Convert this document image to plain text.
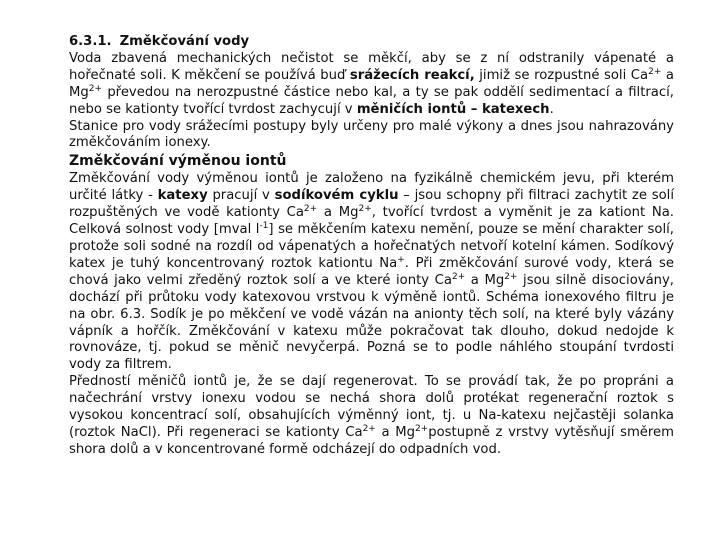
6.3.1. Změkčování vody

Voda zbavená mechanických nečistot se měkčí, aby se z ní odstranily vápenaté a hořečnaté soli. K měkčení se používá buď srážecích reakcí, jimiž se rozpustné soli $Ca^{2+}$ a $Mg^{2+}$ převedou na nerozpustné částice nebo kal, a ty se pak oddělí sedimentací a filtrací, nebo se kationty tvořící tvrdost zachycují v měničích iontů – katexech.

Stanice pro vody srážecími postupy byly určeny pro malé výkony a dnes jsou nahrazovány změkčováním ionexy.

Změkčování výměnou iontů

Změkčování vody výměnou iontů je založeno na fyzikálně chemickém jevu, při kterém určité látky - katexy pracují v sodíkovém cyklu – jsou schopny při filtraci zachytit ze solí rozpuštěných ve vodě kationty $Ca^{2+}$ a $Mg^{2+}$, tvořící tvrdost a vyměnit je za kationt Na. Celková solnost vody [mval $l^{-1}$] se měkčením katexu nemění, pouze se mění charakter solí, protože soli sodné na rozdíl od vápenatých a hořečnatých netvoří kotelní kámen. Sodíkový katex je tuhý koncentrovaný roztok kationtu Na+. Při změkčování surové vody, která se chová jako velmi zředěný roztok solí a ve které ionty $Ca^{2+}$ a $Mg^{2+}$ jsou silně disociovány, dochází při průtoku vody katexovou vrstvou k výměně iontů. Schéma ionexového filtru je na obr. 6.3. Sodík je po měkčení ve vodě vázán na anionty těch solí, na které byly vázány vápník a hořčík. Změkčování v katexu může pokračovat tak dlouho, dokud nedojde k rovnováze, tj. pokud se měnič nevyčerpá. Pozná se to podle náhlého stoupání tvrdosti vody za filtrem.

Předností měničů iontů je, že se dají regenerovat. To se provádí tak, že po propráni a načechrání vrstvy ionexu vodou se nechá shora dolů protékat regenerační roztok s vysokou koncentrací solí, obsahujících výměnný iont, tj. u Na-katexu nejčastěji solanka (roztok NaCl). Při regeneraci se kationty $Ca^{2+}$ a $Mg^{2+}postupně$ z vrstvy vytěsňují směrem shora dolů a v koncentrované formě odcházejí do odpadních vod.
